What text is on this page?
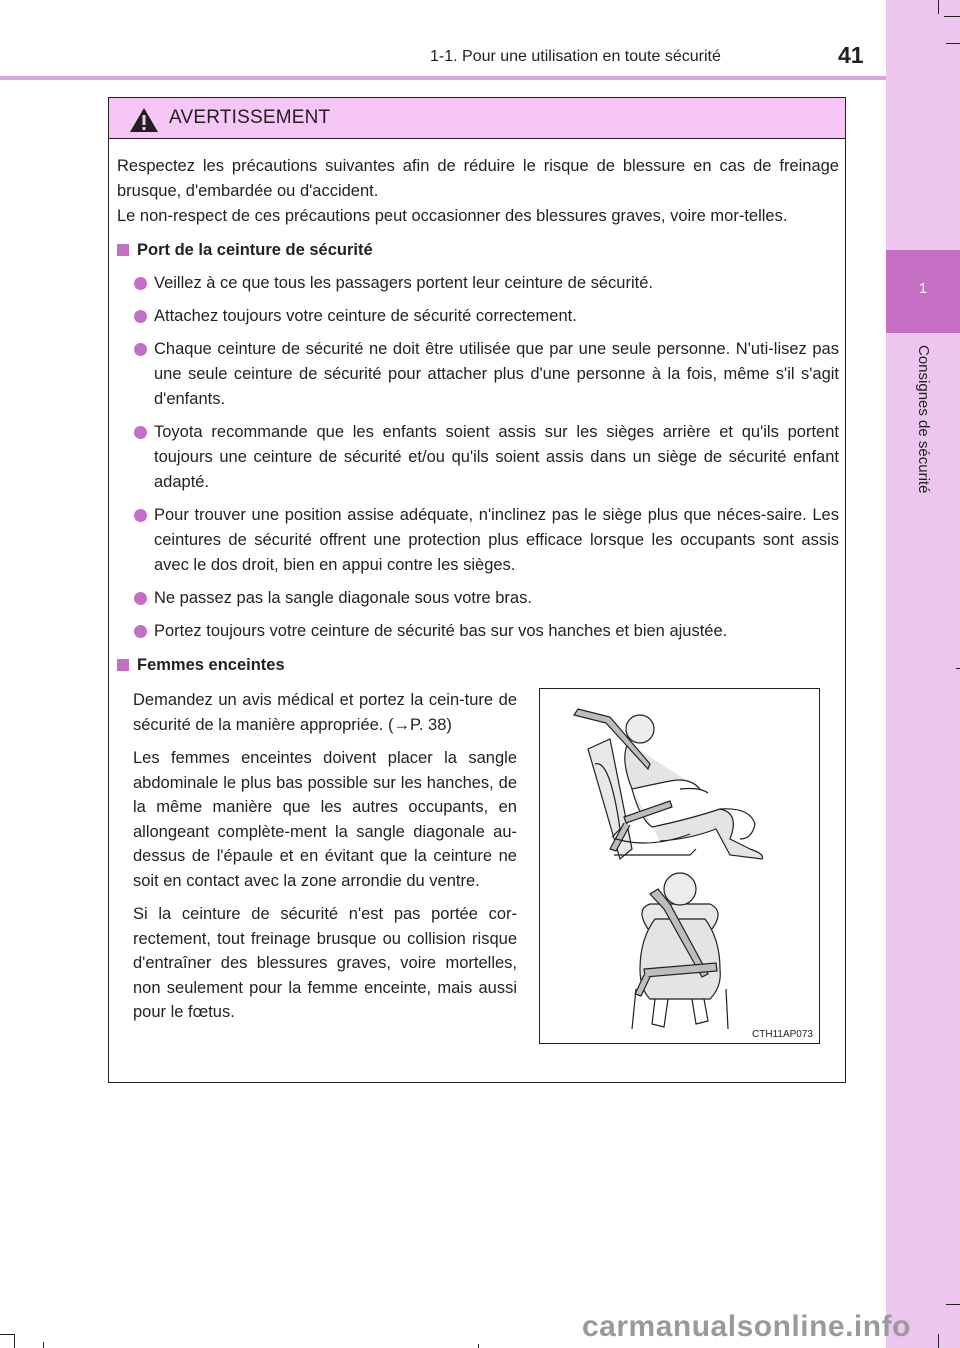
1-1. Pour une utilisation en toute sécurité	41
1
Consignes de sécurité
AVERTISSEMENT

Respectez les précautions suivantes afin de réduire le risque de blessure en cas de freinage brusque, d'embardée ou d'accident.

Le non-respect de ces précautions peut occasionner des blessures graves, voire mor-telles.

Port de la ceinture de sécurité
Veillez à ce que tous les passagers portent leur ceinture de sécurité.
Attachez toujours votre ceinture de sécurité correctement.
Chaque ceinture de sécurité ne doit être utilisée que par une seule personne. N'uti-lisez pas une seule ceinture de sécurité pour attacher plus d'une personne à la fois, même s'il s'agit d'enfants.
Toyota recommande que les enfants soient assis sur les sièges arrière et qu'ils portent toujours une ceinture de sécurité et/ou qu'ils soient assis dans un siège de sécurité enfant adapté.
Pour trouver une position assise adéquate, n'inclinez pas le siège plus que néces-saire. Les ceintures de sécurité offrent une protection plus efficace lorsque les occupants sont assis avec le dos droit, bien en appui contre les sièges.
Ne passez pas la sangle diagonale sous votre bras.
Portez toujours votre ceinture de sécurité bas sur vos hanches et bien ajustée.
Femmes enceintes

Demandez un avis médical et portez la cein-ture de sécurité de la manière appropriée. (→P. 38)

Les femmes enceintes doivent placer la sangle abdominale le plus bas possible sur les hanches, de la même manière que les autres occupants, en allongeant complète-ment la sangle diagonale au-dessus de l'épaule et en évitant que la ceinture ne soit en contact avec la zone arrondie du ventre.

Si la ceinture de sécurité n'est pas portée cor-rectement, tout freinage brusque ou collision risque d'entraîner des blessures graves, voire mortelles, non seulement pour la femme enceinte, mais aussi pour le fœtus.

CTH11AP073
carmanualsonline.info
